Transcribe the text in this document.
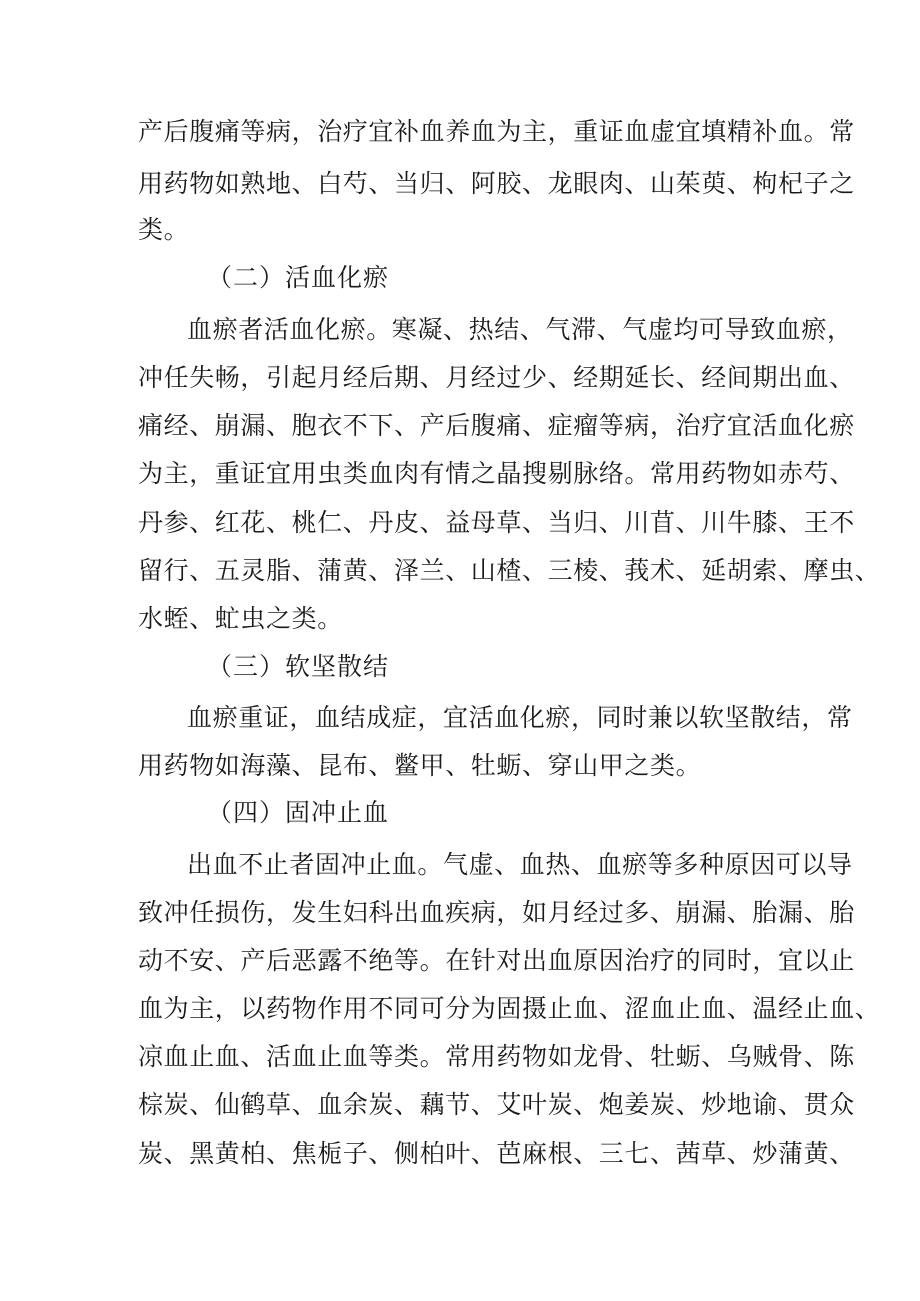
产后腹痛等病，治疗宜补血养血为主，重证血虚宜填精补血。常
用药物如熟地、白芍、当归、阿胶、龙眼肉、山茱萸、枸杞子之
类。
（二）活血化瘀
血瘀者活血化瘀。寒凝、热结、气滞、气虚均可导致血瘀，
冲任失畅，引起月经后期、月经过少、经期延长、经间期出血、
痛经、崩漏、胞衣不下、产后腹痛、症瘤等病，治疗宜活血化瘀
为主，重证宜用虫类血肉有情之晶搜剔脉络。常用药物如赤芍、
丹参、红花、桃仁、丹皮、益母草、当归、川苜、川牛膝、王不
留行、五灵脂、蒲黄、泽兰、山楂、三棱、莪术、延胡索、摩虫、
水蛭、虻虫之类。
（三）软坚散结
血瘀重证，血结成症，宜活血化瘀，同时兼以软坚散结，常
用药物如海藻、昆布、鳖甲、牡蛎、穿山甲之类。
（四）固冲止血
出血不止者固冲止血。气虚、血热、血瘀等多种原因可以导
致冲任损伤，发生妇科出血疾病，如月经过多、崩漏、胎漏、胎
动不安、产后恶露不绝等。在针对出血原因治疗的同时，宜以止
血为主，以药物作用不同可分为固摄止血、涩血止血、温经止血、
凉血止血、活血止血等类。常用药物如龙骨、牡蛎、乌贼骨、陈
棕炭、仙鹤草、血余炭、藕节、艾叶炭、炮姜炭、炒地谕、贯众
炭、黑黄柏、焦栀子、侧柏叶、芭麻根、三七、茜草、炒蒲黄、
